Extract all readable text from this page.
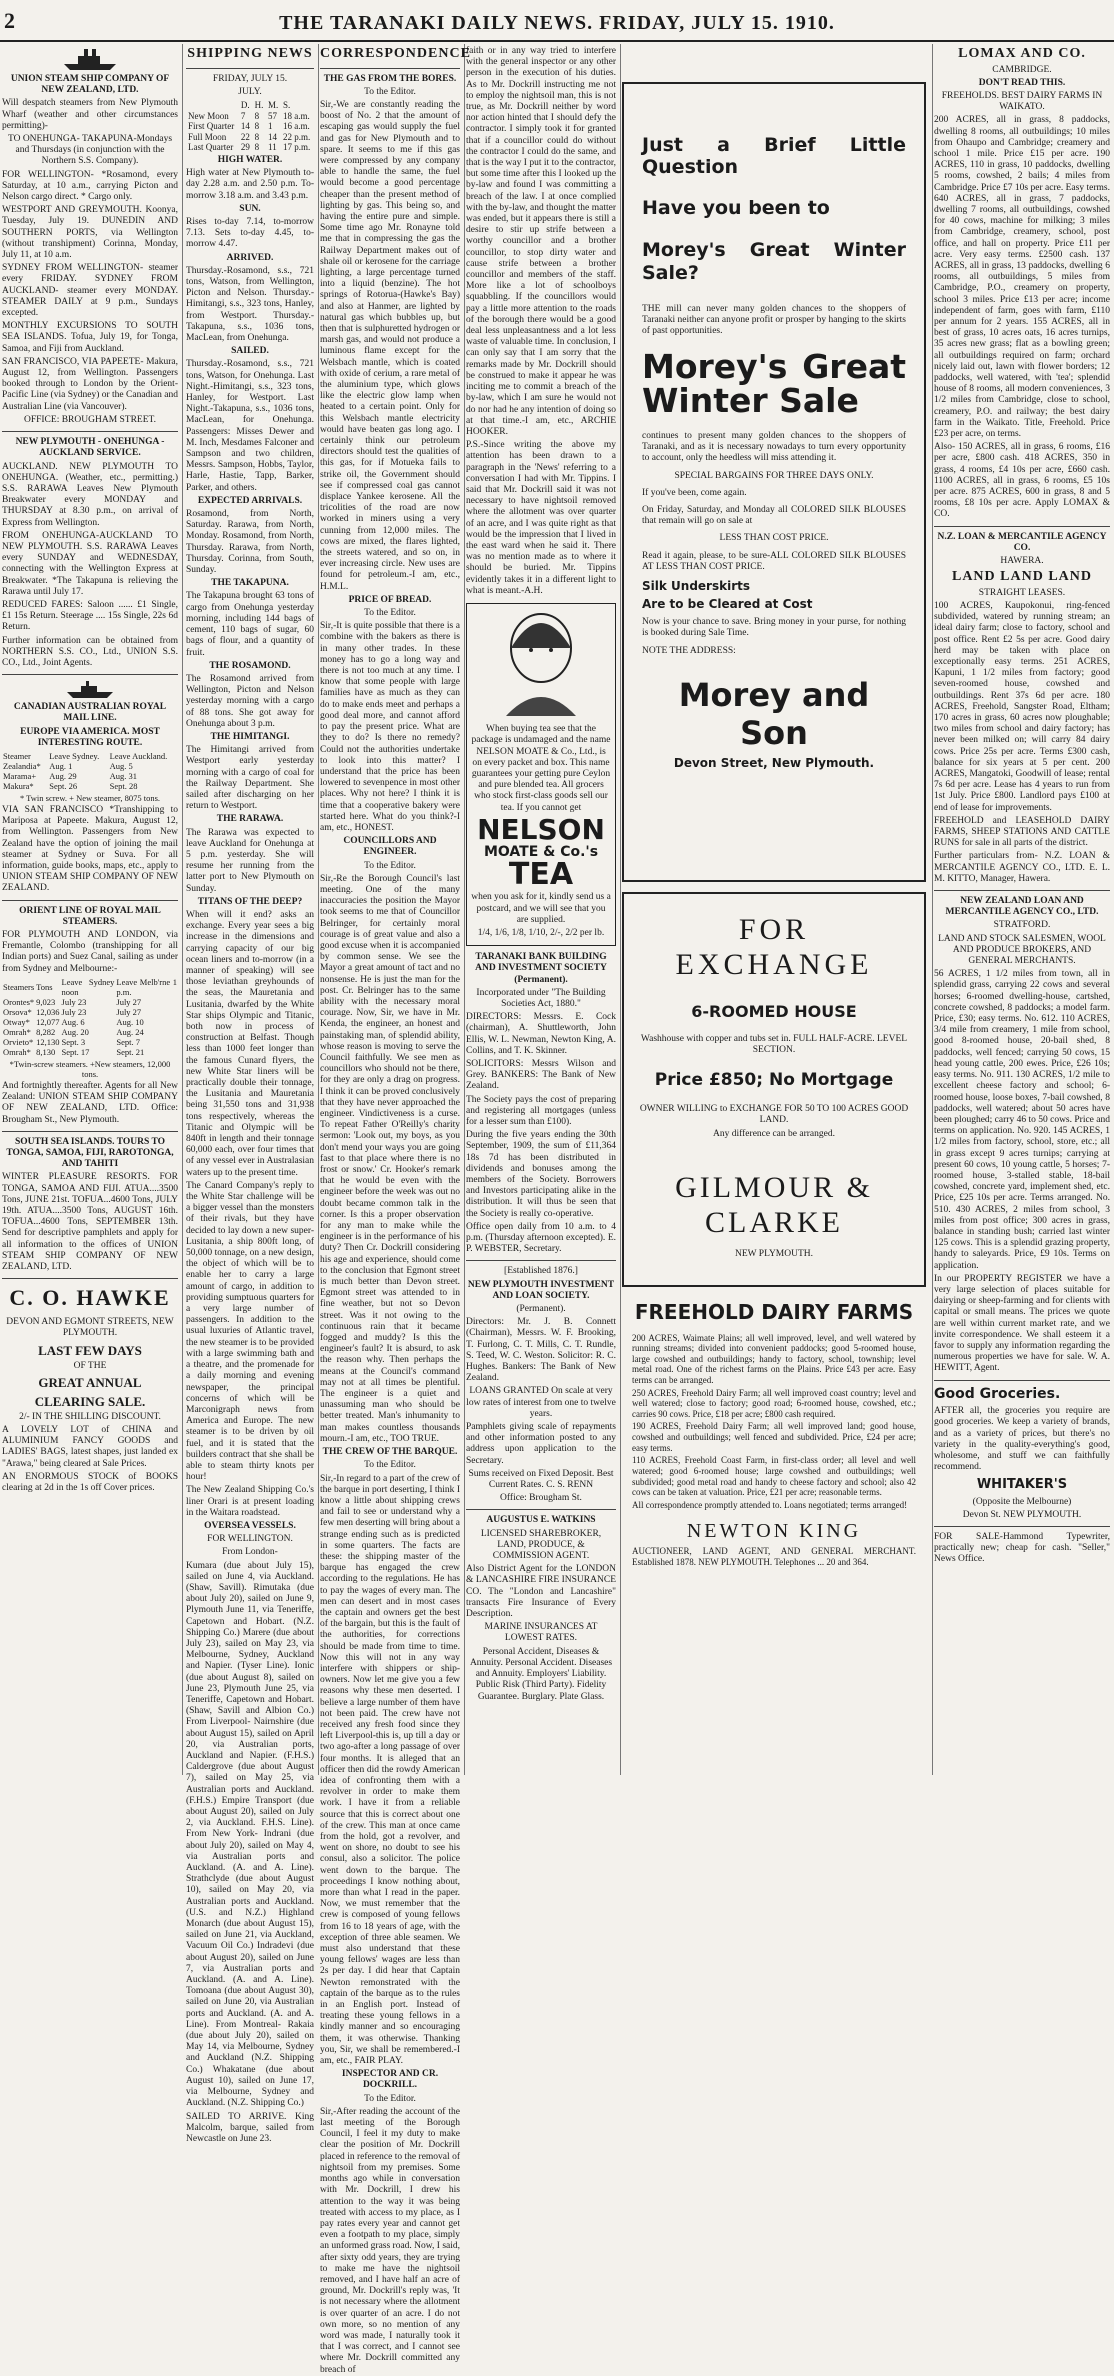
2	THE TARANAKI DAILY NEWS. FRIDAY, JULY 15. 1910.
UNION STEAM SHIP COMPANY OF NEW ZEALAND, LTD.

Will despatch steamers from New Plymouth Wharf (weather and other circumstances permitting)-

TO ONEHUNGA- TAKAPUNA-Mondays and Thursdays (in conjunction with the Northern S.S. Company).

FOR WELLINGTON- *Rosamond, every Saturday, at 10 a.m., carrying Picton and Nelson cargo direct. * Cargo only.

WESTPORT AND GREYMOUTH. Koonya, Tuesday, July 19. DUNEDIN AND SOUTHERN PORTS, via Wellington (without transhipment) Corinna, Monday, July 11, at 10 a.m.

SYDNEY FROM WELLINGTON- steamer every FRIDAY. SYDNEY FROM AUCKLAND- steamer every MONDAY. STEAMER DAILY at 9 p.m., Sundays excepted.

MONTHLY EXCURSIONS TO SOUTH SEA ISLANDS. Tofua, July 19, for Tonga, Samoa, and Fiji from Auckland.

SAN FRANCISCO, VIA PAPEETE- Makura, August 12, from Wellington. Passengers booked through to London by the Orient-Pacific Line (via Sydney) or the Canadian and Australian Line (via Vancouver).

OFFICE: BROUGHAM STREET.

NEW PLYMOUTH - ONEHUNGA - AUCKLAND SERVICE.

AUCKLAND. NEW PLYMOUTH TO ONEHUNGA. (Weather, etc., permitting.) S.S. RARAWA Leaves New Plymouth Breakwater every MONDAY and THURSDAY at 8.30 p.m., on arrival of Express from Wellington.

FROM ONEHUNGA-AUCKLAND TO NEW PLYMOUTH. S.S. RARAWA Leaves every SUNDAY and WEDNESDAY, connecting with the Wellington Express at Breakwater. *The Takapuna is relieving the Rarawa until July 17.

REDUCED FARES: Saloon ...... £1 Single, £1 15s Return. Steerage .... 15s Single, 22s 6d Return.

Further information can be obtained from NORTHERN S.S. CO., Ltd., UNION S.S. CO., Ltd., Joint Agents.

CANADIAN AUSTRALIAN ROYAL MAIL LINE.
EUROPE VIA AMERICA. MOST INTERESTING ROUTE.
Steamer	Leave Sydney.	Leave Auckland.
Zealandia*	Aug. 1	Aug. 5
Marama+	Aug. 29	Aug. 31
Makura*	Sept. 26	Sept. 28

* Twin screw. + New steamer, 8075 tons.

VIA SAN FRANCISCO *Transhipping to Mariposa at Papeete. Makura, August 12, from Wellington. Passengers from New Zealand have the option of joining the mail steamer at Sydney or Suva. For all information, guide books, maps, etc., apply to UNION STEAM SHIP COMPANY OF NEW ZEALAND.

ORIENT LINE OF ROYAL MAIL STEAMERS.

FOR PLYMOUTH AND LONDON, via Fremantle, Colombo (transhipping for all Indian ports) and Suez Canal, sailing as under from Sydney and Melbourne:-

Steamers	Tons	Leave Sydney noon	Leave Melb'rne 1 p.m.
Orontes*	9,023	July 23	July 27
Orsova*	12,036	July 23	July 27
Otway*	12,077	Aug. 6	Aug. 10
Omrah*	8,282	Aug. 20	Aug. 24
Orvieto*	12,130	Sept. 3	Sept. 7
Omrah*	8,130	Sept. 17	Sept. 21

*Twin-screw steamers. +New steamers, 12,000 tons.

And fortnightly thereafter. Agents for all New Zealand: UNION STEAM SHIP COMPANY OF NEW ZEALAND, LTD. Office: Brougham St., New Plymouth.

SOUTH SEA ISLANDS. TOURS TO TONGA, SAMOA, FIJI, RAROTONGA, AND TAHITI

WINTER PLEASURE RESORTS. FOR TONGA, SAMOA AND FIJI. ATUA....3500 Tons, JUNE 21st. TOFUA...4600 Tons, JULY 19th. ATUA....3500 Tons, AUGUST 16th. TOFUA...4600 Tons, SEPTEMBER 13th. Send for descriptive pamphlets and apply for all information to the offices of UNION STEAM SHIP COMPANY OF NEW ZEALAND, LTD.

C. O. HAWKE

DEVON AND EGMONT STREETS, NEW PLYMOUTH.

LAST FEW DAYS

OF THE

GREAT ANNUAL
CLEARING SALE.

2/- IN THE SHILLING DISCOUNT.

A LOVELY LOT of CHINA and ALUMINIUM FANCY GOODS and LADIES' BAGS, latest shapes, just landed ex "Arawa," being cleared at Sale Prices.

AN ENORMOUS STOCK of BOOKS clearing at 2d in the 1s off Cover prices.

SHIPPING NEWS

FRIDAY, JULY 15.

JULY.

	D.	H.	M.	S.
New Moon	7	8	57	18 a.m.
First Quarter	14	8	1	16 a.m.
Full Moon	22	8	14	22 p.m.
Last Quarter	29	8	11	17 p.m.
HIGH WATER.

High water at New Plymouth to-day 2.28 a.m. and 2.50 p.m. To-morrow 3.18 a.m. and 3.43 p.m.

SUN.

Rises to-day 7.14, to-morrow 7.13. Sets to-day 4.45, to-morrow 4.47.

ARRIVED.

Thursday.-Rosamond, s.s., 721 tons, Watson, from Wellington, Picton and Nelson. Thursday.-Himitangi, s.s., 323 tons, Hanley, from Westport. Thursday.-Takapuna, s.s., 1036 tons, MacLean, from Onehunga.

SAILED.

Thursday.-Rosamond, s.s., 721 tons, Watson, for Onehunga. Last Night.-Himitangi, s.s., 323 tons, Hanley, for Westport. Last Night.-Takapuna, s.s., 1036 tons, MacLean, for Onehunga. Passengers: Misses Dewer and M. Inch, Mesdames Falconer and Sampson and two children, Messrs. Sampson, Hobbs, Taylor, Harle, Hastie, Tapp, Barker, Parker, and others.

EXPECTED ARRIVALS.

Rosamond, from North, Saturday. Rarawa, from North, Monday. Rosamond, from North, Thursday. Rarawa, from North, Thursday. Corinna, from South, Sunday.

THE TAKAPUNA.

The Takapuna brought 63 tons of cargo from Onehunga yesterday morning, including 144 bags of cement, 110 bags of sugar, 60 bags of flour, and a quantity of fruit.

THE ROSAMOND.

The Rosamond arrived from Wellington, Picton and Nelson yesterday morning with a cargo of 88 tons. She got away for Onehunga about 3 p.m.

THE HIMITANGI.

The Himitangi arrived from Westport early yesterday morning with a cargo of coal for the Railway Department. She sailed after discharging on her return to Westport.

THE RARAWA.

The Rarawa was expected to leave Auckland for Onehunga at 5 p.m. yesterday. She will resume her running from the latter port to New Plymouth on Sunday.

TITANS OF THE DEEP?

When will it end? asks an exchange. Every year sees a big increase in the dimensions and carrying capacity of our big ocean liners and to-morrow (in a manner of speaking) will see those leviathan greyhounds of the seas, the Mauretania and Lusitania, dwarfed by the White Star ships Olympic and Titanic, both now in process of construction at Belfast. Though less than 1000 feet longer than the famous Cunard flyers, the new White Star liners will be practically double their tonnage, the Lusitania and Mauretania being 31,550 tons and 31,938 tons respectively, whereas the Titanic and Olympic will be 840ft in length and their tonnage 60,000 each, over four times that of any vessel ever in Australasian waters up to the present time.

The Canard Company's reply to the White Star challenge will be a bigger vessel than the monsters of their rivals, but they have decided to lay down a new super-Lusitania, a ship 800ft long, of 50,000 tonnage, on a new design, the object of which will be to enable her to carry a large amount of cargo, in addition to providing sumptuous quarters for a very large number of passengers. In addition to the usual luxuries of Atlantic travel, the new steamer is to be provided with a large swimming bath and a theatre, and the promenade for a daily morning and evening newspaper, the principal concerns of which will be Marconigraph news from America and Europe. The new steamer is to be driven by oil fuel, and it is stated that the builders contract that she shall be able to steam thirty knots per hour!

The New Zealand Shipping Co.'s liner Orari is at present loading in the Waitara roadstead.

OVERSEA VESSELS.

FOR WELLINGTON.

From London-

Kumara (due about July 15), sailed on June 4, via Auckland. (Shaw, Savill). Rimutaka (due about July 20), sailed on June 9, Plymouth June 11, via Teneriffe, Capetown and Hobart. (N.Z. Shipping Co.) Marere (due about July 23), sailed on May 23, via Melbourne, Sydney, Auckland and Napier. (Tyser Line). Ionic (due about August 8), sailed on June 23, Plymouth June 25, via Teneriffe, Capetown and Hobart. (Shaw, Savill and Albion Co.) From Liverpool- Nairnshire (due about August 15), sailed on April 20, via Australian ports, Auckland and Napier. (F.H.S.) Caldergrove (due about August 7), sailed on May 25, via Australian ports and Auckland. (F.H.S.) Empire Transport (due about August 20), sailed on July 2, via Auckland. F.H.S. Line). From New York- Indrani (due about July 20), sailed on May 4, via Australian ports and Auckland. (A. and A. Line). Strathclyde (due about August 10), sailed on May 20, via Australian ports and Auckland. (U.S. and N.Z.) Highland Monarch (due about August 15), sailed on June 21, via Auckland, Vacuum Oil Co.) Indradevi (due about August 20), sailed on June 7, via Australian ports and Auckland. (A. and A. Line). Tomoana (due about August 30), sailed on June 20, via Australian ports and Auckland. (A. and A. Line). From Montreal- Rakaia (due about July 20), sailed on May 14, via Melbourne, Sydney and Auckland (N.Z. Shipping Co.) Whakatane (due about August 10), sailed on June 17, via Melbourne, Sydney and Auckland. (N.Z. Shipping Co.)

SAILED TO ARRIVE. King Malcolm, barque, sailed from Newcastle on June 23.

CORRESPONDENCE
THE GAS FROM THE BORES.

To the Editor.

Sir,-We are constantly reading the boost of No. 2 that the amount of escaping gas would supply the fuel and gas for New Plymouth and to spare. It seems to me if this gas were compressed by any company able to handle the same, the fuel would become a good percentage cheaper than the present method of lighting by gas. This being so, and having the entire pure and simple. Some time ago Mr. Ronayne told me that in compressing the gas the Railway Department makes out of shale oil or kerosene for the carriage lighting, a large percentage turned into a liquid (benzine). The hot springs of Rotorua-(Hawke's Bay) and also at Hanmer, are lighted by natural gas which bubbles up, but then that is sulphuretted hydrogen or marsh gas, and would not produce a luminous flame except for the Welsbach mantle, which is coated with oxide of cerium, a rare metal of the aluminium type, which glows like the electric glow lamp when heated to a certain point. Only for this Welsbach mantle electricity would have beaten gas long ago. I certainly think our petroleum directors should test the qualities of this gas, for if Motueka fails to strike oil, the Government should see if compressed coal gas cannot displace Yankee kerosene. All the tricolities of the road are now worked in miners using a very cunning from 12,000 miles. The cows are mixed, the flares lighted, the streets watered, and so on, in ever increasing circle. New uses are found for petroleum.-I am, etc., H.M.L.

PRICE OF BREAD.

To the Editor.

Sir,-It is quite possible that there is a combine with the bakers as there is in many other trades. In these money has to go a long way and there is not too much at any time. I know that some people with large families have as much as they can do to make ends meet and perhaps a good deal more, and cannot afford to pay the present price. What are they to do? Is there no remedy? Could not the authorities undertake to look into this matter? I understand that the price has been lowered to sevenpence in most other places. Why not here? I think it is time that a cooperative bakery were started here. What do you think?-I am, etc., HONEST.

COUNCILLORS AND ENGINEER.

To the Editor.

Sir,-Re the Borough Council's last meeting. One of the many inaccuracies the position the Mayor took seems to me that of Councillor Belringer, for certainly moral courage is of great value and also a good excuse when it is accompanied by common sense. We see the Mayor a great amount of tact and no nonsense. He is just the man for the post. Cr. Belringer has to the same ability with the necessary moral courage. Now, Sir, we have in Mr. Kenda, the engineer, an honest and painstaking man, of splendid ability, whose reason is moving to serve the Council faithfully. We see men as councillors who should not be there, for they are only a drag on progress. I think it can be proved conclusively that they have never approached the engineer. Vindictiveness is a curse. To repeat Father O'Reilly's charity sermon: 'Look out, my boys, as you don't mend your ways you are going fast to that place where there is no frost or snow.' Cr. Hooker's remark that he would be even with the engineer before the week was out no doubt became common talk in the corner. Is this a proper observation for any man to make while the engineer is in the performance of his duty? Then Cr. Dockrill considering his age and experience, should come to the conclusion that Egmont street is much better than Devon street. Egmont street was attended to in fine weather, but not so Devon street. Was it not owing to the continuous rain that it became fogged and muddy? Is this the engineer's fault? It is absurd, to ask the reason why. Then perhaps the means at the Council's command may not at all times be plentiful. The engineer is a quiet and unassuming man who should be better treated. Man's inhumanity to man makes countless thousands mourn.-I am, etc., TOO TRUE.

THE CREW OF THE BARQUE.

To the Editor.

Sir,-In regard to a part of the crew of the barque in port deserting, I think I know a little about shipping crews and fail to see or understand why a few men deserting will bring about a strange ending such as is predicted in some quarters. The facts are these: the shipping master of the barque has engaged the crew according to the regulations. He has to pay the wages of every man. The men can desert and in most cases the captain and owners get the best of the bargain, but this is the fault of the authorities, for corrections should be made from time to time. Now this will not in any way interfere with shippers or ship-owners. Now let me give you a few reasons why these men deserted. I believe a large number of them have not been paid. The crew have not received any fresh food since they left Liverpool-this is, up till a day or two ago-after a long passage of over four months. It is alleged that an officer then did the rowdy American idea of confronting them with a revolver in order to make them work. I have it from a reliable source that this is correct about one of the crew. This man at once came from the hold, got a revolver, and went on shore, no doubt to see his consul, also a solicitor. The police went down to the barque. The proceedings I know nothing about, more than what I read in the paper. Now, we must remember that the crew is composed of young fellows from 16 to 18 years of age, with the exception of three able seamen. We must also understand that these young fellows' wages are less than 2s per day. I did hear that Captain Newton remonstrated with the captain of the barque as to the rules in an English port. Instead of treating these young fellows in a kindly manner and so encouraging them, it was otherwise. Thanking you, Sir, we shall be remembered.-I am, etc., FAIR PLAY.

INSPECTOR AND CR. DOCKRILL.

To the Editor.

Sir,-After reading the account of the last meeting of the Borough Council, I feel it my duty to make clear the position of Mr. Dockrill placed in reference to the removal of nightsoil from my premises. Some months ago while in conversation with Mr. Dockrill, I drew his attention to the way it was being treated with access to my place, as I pay rates every year and cannot get even a footpath to my place, simply an unformed grass road. Now, I said, after sixty odd years, they are trying to make me have the nightsoil removed, and I have half an acre of ground, Mr. Dockrill's reply was, 'It is not necessary where the allotment is over quarter of an acre. I do not own more, so no mention of any word was made, I naturally took it that I was correct, and I cannot see where Mr. Dockrill committed any breach of

faith or in any way tried to interfere with the general inspector or any other person in the execution of his duties. As to Mr. Dockrill instructing me not to employ the nightsoil man, this is not true, as Mr. Dockrill neither by word nor action hinted that I should defy the contractor. I simply took it for granted that if a councillor could do without the contractor I could do the same, and that is the way I put it to the contractor, but some time after this I looked up the by-law and found I was committing a breach of the law. I at once complied with the by-law, and thought the matter was ended, but it appears there is still a desire to stir up strife between a worthy councillor and a brother councillor, to stop dirty water and cause strife between a brother councillor and members of the staff. More like a lot of schoolboys squabbling. If the councillors would pay a little more attention to the roads of the borough there would be a good deal less unpleasantness and a lot less waste of valuable time. In conclusion, I can only say that I am sorry that the remarks made by Mr. Dockrill should be construed to make it appear he was inciting me to commit a breach of the by-law, which I am sure he would not do nor had he any intention of doing so at that time.-I am, etc., ARCHIE HOOKER.

P.S.-Since writing the above my attention has been drawn to a paragraph in the 'News' referring to a conversation I had with Mr. Tippins. I said that Mr. Dockrill said it was not necessary to have nightsoil removed where the allotment was over quarter of an acre, and I was quite right as that would be the impression that I lived in the east ward when he said it. There was no mention made as to where it should be buried. Mr. Tippins evidently takes it in a different light to what is meant.-A.H.

When buying tea see that the package is undamaged and the name NELSON MOATE & Co., Ltd., is on every packet and box. This name guarantees your getting pure Ceylon and pure blended tea. All grocers who stock first-class goods sell our tea. If you cannot get

NELSON
MOATE & Co.'s
TEA

when you ask for it, kindly send us a postcard, and we will see that you are supplied.

1/4, 1/6, 1/8, 1/10, 2/-, 2/2 per lb.

TARANAKI BANK BUILDING AND INVESTMENT SOCIETY (Permanent).

Incorporated under "The Building Societies Act, 1880."

DIRECTORS: Messrs. E. Cock (chairman), A. Shuttleworth, John Ellis, W. L. Newman, Newton King, A. Collins, and T. K. Skinner.

SOLICITORS: Messrs Wilson and Grey. BANKERS: The Bank of New Zealand.

The Society pays the cost of preparing and registering all mortgages (unless for a lesser sum than £100).

During the five years ending the 30th September, 1909, the sum of £11,364 18s 7d has been distributed in dividends and bonuses among the members of the Society. Borrowers and Investors participating alike in the distribution. It will thus be seen that the Society is really co-operative.

Office open daily from 10 a.m. to 4 p.m. (Thursday afternoon excepted). E. P. WEBSTER, Secretary.

[Established 1876.]

NEW PLYMOUTH INVESTMENT AND LOAN SOCIETY.

(Permanent).

Directors: Mr. J. B. Connett (Chairman), Messrs. W. F. Brooking, T. Furlong, C. T. Mills, C. T. Rundle, S. Teed, W. C. Weston. Solicitor: R. C. Hughes. Bankers: The Bank of New Zealand.

LOANS GRANTED On scale at very low rates of interest from one to twelve years.

Pamphlets giving scale of repayments and other information posted to any address upon application to the Secretary.

Sums received on Fixed Deposit. Best Current Rates. C. S. RENN

Office: Brougham St.

AUGUSTUS E. WATKINS

LICENSED SHAREBROKER, LAND, PRODUCE, & COMMISSION AGENT.

Also District Agent for the LONDON & LANCASHIRE FIRE INSURANCE CO. The "London and Lancashire" transacts Fire Insurance of Every Description.

MARINE INSURANCES AT LOWEST RATES.

Personal Accident, Diseases & Annuity. Personal Accident. Diseases and Annuity. Employers' Liability. Public Risk (Third Party). Fidelity Guarantee. Burglary. Plate Glass.

Just a Brief Little Question
Have you been to
Morey's Great Winter Sale?

THE mill can never many golden chances to the shoppers of Taranaki neither can anyone profit or prosper by hanging to the skirts of past opportunities.

Morey's Great Winter Sale

continues to present many golden chances to the shoppers of Taranaki, and as it is necessary nowadays to turn every opportunity to account, only the heedless will miss attending it.

SPECIAL BARGAINS FOR THREE DAYS ONLY.

If you've been, come again.

On Friday, Saturday, and Monday all COLORED SILK BLOUSES that remain will go on sale at

LESS THAN COST PRICE.

Read it again, please, to be sure-ALL COLORED SILK BLOUSES AT LESS THAN COST PRICE.

Silk Underskirts
Are to be Cleared at Cost

Now is your chance to save. Bring money in your purse, for nothing is booked during Sale Time.

NOTE THE ADDRESS:

Morey and Son

Devon Street, New Plymouth.

FOR EXCHANGE
6-ROOMED HOUSE

Washhouse with copper and tubs set in. FULL HALF-ACRE. LEVEL SECTION.

Price £850; No Mortgage

OWNER WILLING to EXCHANGE FOR 50 TO 100 ACRES GOOD LAND.

Any difference can be arranged.

GILMOUR & CLARKE

NEW PLYMOUTH.

FREEHOLD DAIRY FARMS

200 ACRES, Waimate Plains; all well improved, level, and well watered by running streams; divided into convenient paddocks; good 5-roomed house, large cowshed and outbuildings; handy to factory, school, township; level metal road. One of the richest farms on the Plains. Price £43 per acre. Easy terms can be arranged.

250 ACRES, Freehold Dairy Farm; all well improved coast country; level and well watered; close to factory; good road; 6-roomed house, cowshed, etc.; carries 90 cows. Price, £18 per acre; £800 cash required.

190 ACRES, Freehold Dairy Farm; all well improved land; good house, cowshed and outbuildings; well fenced and subdivided. Price, £24 per acre; easy terms.

110 ACRES, Freehold Coast Farm, in first-class order; all level and well watered; good 6-roomed house; large cowshed and outbuildings; well subdivided; good metal road and handy to cheese factory and school; also 42 cows can be taken at valuation. Price, £21 per acre; reasonable terms.

All correspondence promptly attended to. Loans negotiated; terms arranged!

NEWTON KING

AUCTIONEER, LAND AGENT, AND GENERAL MERCHANT. Established 1878. NEW PLYMOUTH. Telephones ... 20 and 364.

LOMAX AND CO.

CAMBRIDGE.

DON'T READ THIS.

FREEHOLDS. BEST DAIRY FARMS IN WAIKATO.

200 ACRES, all in grass, 8 paddocks, dwelling 8 rooms, all outbuildings; 10 miles from Ohaupo and Cambridge; creamery and school 1 mile. Price £15 per acre. 190 ACRES, 110 in grass, 10 paddocks, dwelling 5 rooms, cowshed, 2 bails; 4 miles from Cambridge. Price £7 10s per acre. Easy terms. 640 ACRES, all in grass, 7 paddocks, dwelling 7 rooms, all outbuildings, cowshed for 40 cows, machine for milking; 3 miles from Cambridge, creamery, school, post office, and hall on property. Price £11 per acre. Very easy terms. £2500 cash. 137 ACRES, all in grass, 13 paddocks, dwelling 6 rooms, all outbuildings, 5 miles from Cambridge, P.O., creamery on property, school 3 miles. Price £13 per acre; income independent of farm, goes with farm, £110 per annum for 2 years. 155 ACRES, all in best of grass, 10 acres oats, 16 acres turnips, 35 acres new grass; flat as a bowling green; all outbuildings required on farm; orchard nicely laid out, lawn with flower borders; 12 paddocks, well watered, with 'tea'; splendid house of 8 rooms, all modern conveniences, 3 1/2 miles from Cambridge, close to school, creamery, P.O. and railway; the best dairy farm in the Waikato. Title, Freehold. Price £23 per acre, on terms.

Also- 150 ACRES, all in grass, 6 rooms, £16 per acre, £800 cash. 418 ACRES, 350 in grass, 4 rooms, £4 10s per acre, £660 cash. 1100 ACRES, all in grass, 6 rooms, £5 10s per acre. 875 ACRES, 600 in grass, 8 and 5 rooms, £8 10s per acre. Apply LOMAX & CO.

N.Z. LOAN & MERCANTILE AGENCY CO.

HAWERA.

LAND LAND LAND

STRAIGHT LEASES.

100 ACRES, Kaupokonui, ring-fenced subdivided, watered by running stream; an ideal dairy farm; close to factory, school and post office. Rent £2 5s per acre. Good dairy herd may be taken with place on exceptionally easy terms. 251 ACRES, Kapuni, 1 1/2 miles from factory; good seven-roomed house, cowshed and outbuildings. Rent 37s 6d per acre. 180 ACRES, Freehold, Sangster Road, Eltham; 170 acres in grass, 60 acres now ploughable; two miles from school and dairy factory; has never been milked on; will carry 84 dairy cows. Price 25s per acre. Terms £300 cash, balance for six years at 5 per cent. 200 ACRES, Mangatoki, Goodwill of lease; rental 7s 6d per acre. Lease has 4 years to run from 1st July. Price £800. Landlord pays £100 at end of lease for improvements.

FREEHOLD and LEASEHOLD DAIRY FARMS, SHEEP STATIONS AND CATTLE RUNS for sale in all parts of the district.

Further particulars from- N.Z. LOAN & MERCANTILE AGENCY CO., LTD. E. L. M. KITTO, Manager, Hawera.

NEW ZEALAND LOAN AND MERCANTILE AGENCY CO., LTD.

STRATFORD.

LAND AND STOCK SALESMEN, WOOL AND PRODUCE BROKERS, AND GENERAL MERCHANTS.

56 ACRES, 1 1/2 miles from town, all in splendid grass, carrying 22 cows and several horses; 6-roomed dwelling-house, cartshed, concrete cowshed, 8 paddocks; a model farm. Price, £30; easy terms. No. 612. 110 ACRES, 3/4 mile from creamery, 1 mile from school, good 8-roomed house, 20-bail shed, 8 paddocks, well fenced; carrying 50 cows, 15 head young cattle, 200 ewes. Price, £26 10s; easy terms. No. 911. 130 ACRES, 1/2 mile to excellent cheese factory and school; 6-roomed house, loose boxes, 7-bail cowshed, 8 paddocks, well watered; about 50 acres have been ploughed; carry 46 to 50 cows. Price and terms on application. No. 920. 145 ACRES, 1 1/2 miles from factory, school, store, etc.; all in grass except 9 acres turnips; carrying at present 60 cows, 10 young cattle, 5 horses; 7-roomed house, 3-stalled stable, 18-bail cowshed, concrete yard, implement shed, etc. Price, £25 10s per acre. Terms arranged. No. 510. 430 ACRES, 2 miles from school, 3 miles from post office; 300 acres in grass, balance in standing bush; carried last winter 125 cows. This is a splendid grazing property, handy to saleyards. Price, £9 10s. Terms on application.

In our PROPERTY REGISTER we have a very large selection of places suitable for dairying or sheep-farming and for clients with capital or small means. The prices we quote are well within current market rate, and we invite correspondence. We shall esteem it a favor to supply any information regarding the numerous properties we have for sale. W. A. HEWITT, Agent.

Good Groceries.

AFTER all, the groceries you require are good groceries. We keep a variety of brands, and as a variety of prices, but there's no variety in the quality-everything's good, wholesome, and stuff we can faithfully recommend.

WHITAKER'S

(Opposite the Melbourne)

Devon St. NEW PLYMOUTH.

FOR SALE-Hammond Typewriter, practically new; cheap for cash. "Seller," News Office.
